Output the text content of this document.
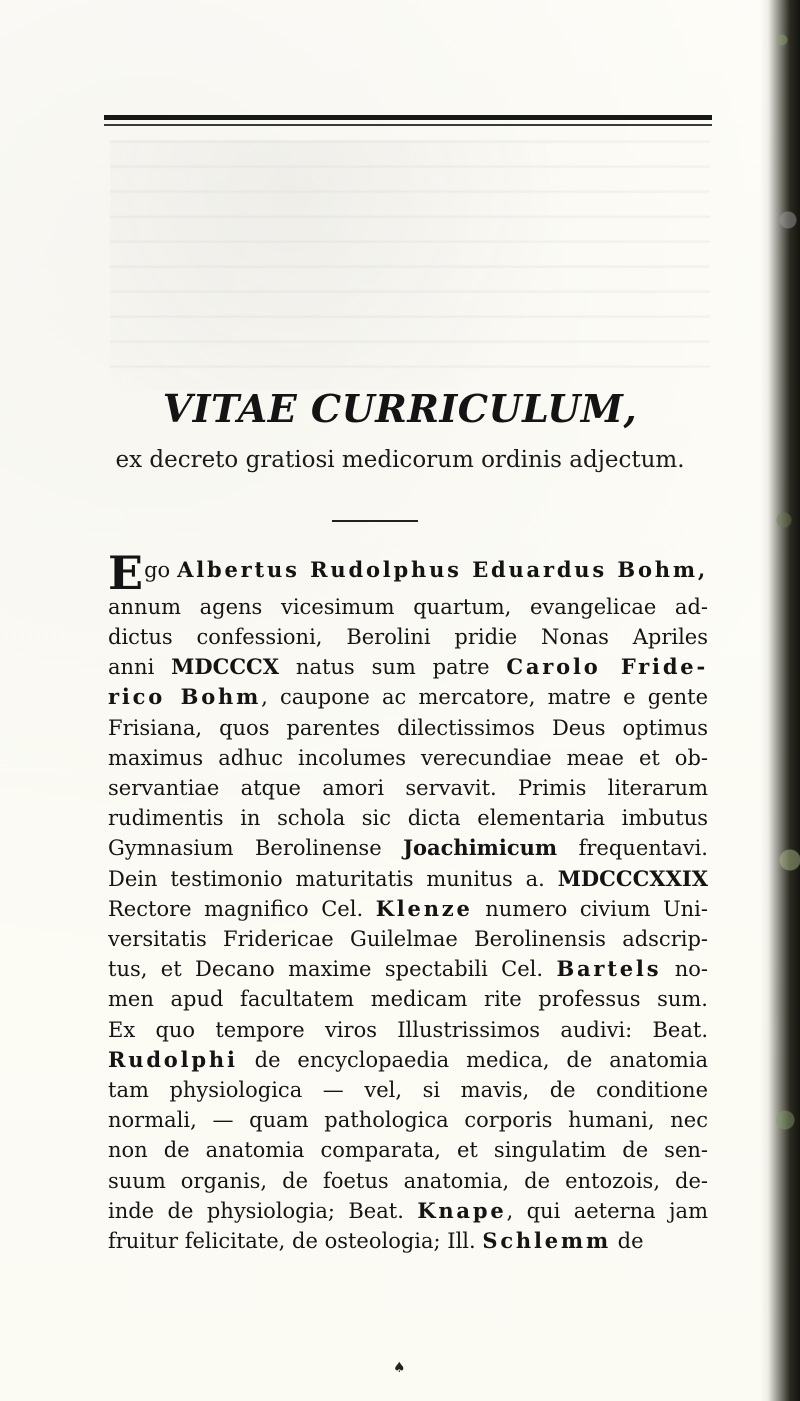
VITAE CURRICULUM,
ex decreto gratiosi medicorum ordinis adjectum.
Ego Albertus Rudolphus Eduardus Bohm,
annum agens vicesimum quartum, evangelicae ad-
dictus confessioni, Berolini pridie Nonas Apriles
anni MDCCCX natus sum patre Carolo Fride-
rico Bohm, caupone ac mercatore, matre e gente
Frisiana, quos parentes dilectissimos Deus optimus
maximus adhuc incolumes verecundiae meae et ob-
servantiae atque amori servavit. Primis literarum
rudimentis in schola sic dicta elementaria imbutus
Gymnasium Berolinense Joachimicum frequentavi.
Dein testimonio maturitatis munitus a. MDCCCXXIX
Rectore magnifico Cel. Klenze numero civium Uni-
versitatis Fridericae Guilelmae Berolinensis adscrip-
tus, et Decano maxime spectabili Cel. Bartels no-
men apud facultatem medicam rite professus sum.
Ex quo tempore viros Illustrissimos audivi: Beat.
Rudolphi de encyclopaedia medica, de anatomia
tam physiologica — vel, si mavis, de conditione
normali, — quam pathologica corporis humani, nec
non de anatomia comparata, et singulatim de sen-
suum organis, de foetus anatomia, de entozois, de-
inde de physiologia; Beat. Knape, qui aeterna jam
fruitur felicitate, de osteologia; Ill. Schlemm de
♠
